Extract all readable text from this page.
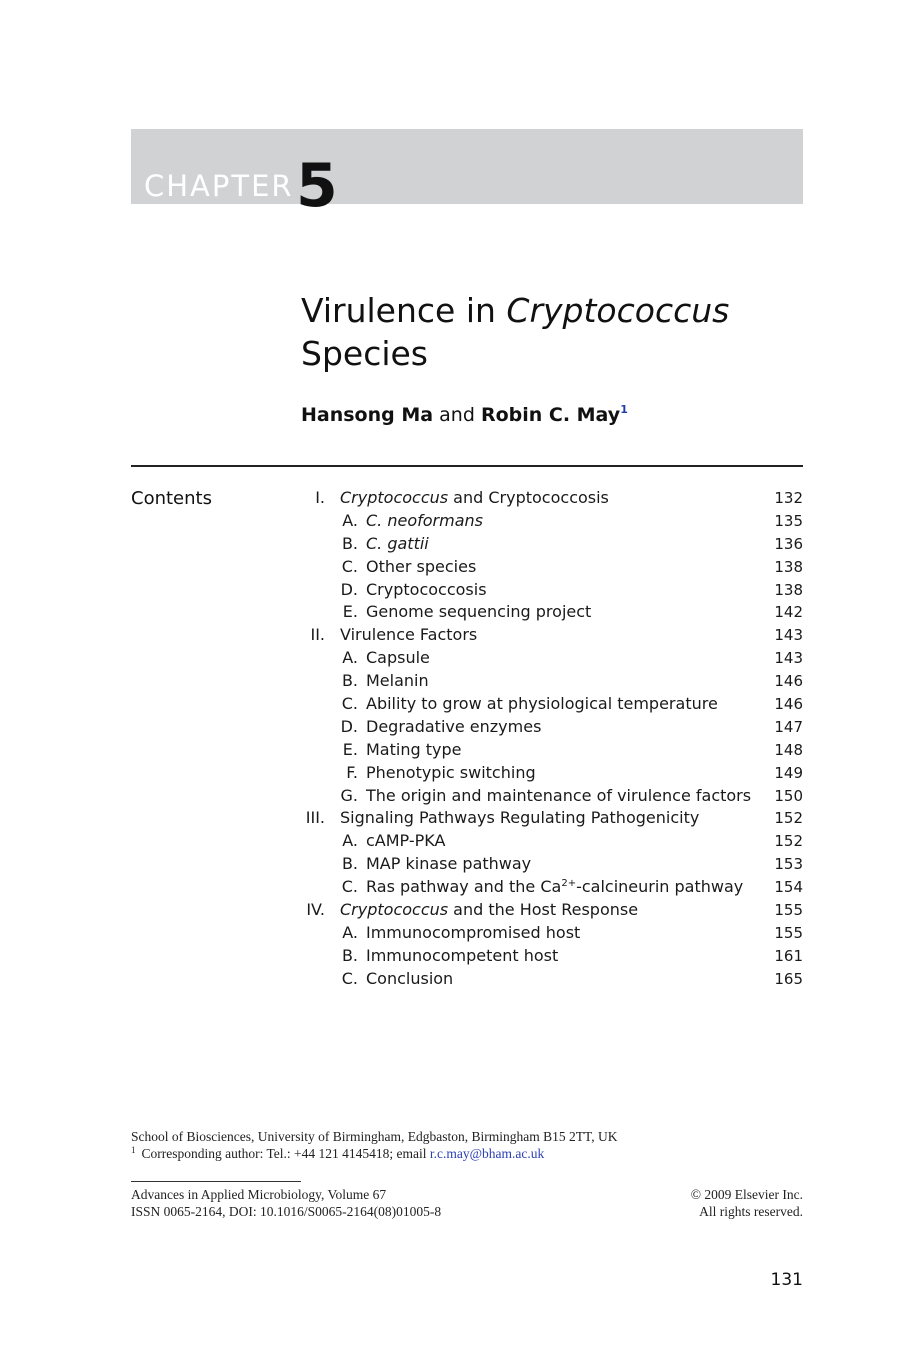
CHAPTER 5
Virulence in Cryptococcus
Species
Hansong Ma and Robin C. May$^1$
Contents	I. Cryptococcus and Cryptococcosis	132
A. C. neoformans	135
B. C. gattii	136
C. Other species	138
D. Cryptococcosis	138
E. Genome sequencing project	142
II. Virulence Factors	143
A. Capsule	143
B. Melanin	146
C. Ability to grow at physiological temperature	146
D. Degradative enzymes	147
E. Mating type	148
F. Phenotypic switching	149
G. The origin and maintenance of virulence factors 150
III. Signaling Pathways Regulating Pathogenicity	152
A. cAMP-PKA	152
B. MAP kinase pathway	153
C. Ras pathway and the $Ca^{2+}$-calcineurin pathway 154
IV. Cryptococcus and the Host Response	155
A. Immunocompromised host	155
B. Immunocompetent host	161
C. Conclusion	165
School of Biosciences, University of Birmingham, Edgbaston, Birmingham B15 2TT, UK
$^1$ Corresponding author: Tel.: +44 121 4145418; email r.c.may@bham.ac.uk
Advances in Applied Microbiology, Volume 67
ISSN 0065-2164, DOI: 10.1016/S0065-2164(08)01005-8
© 2009 Elsevier Inc.
All rights reserved.
131
